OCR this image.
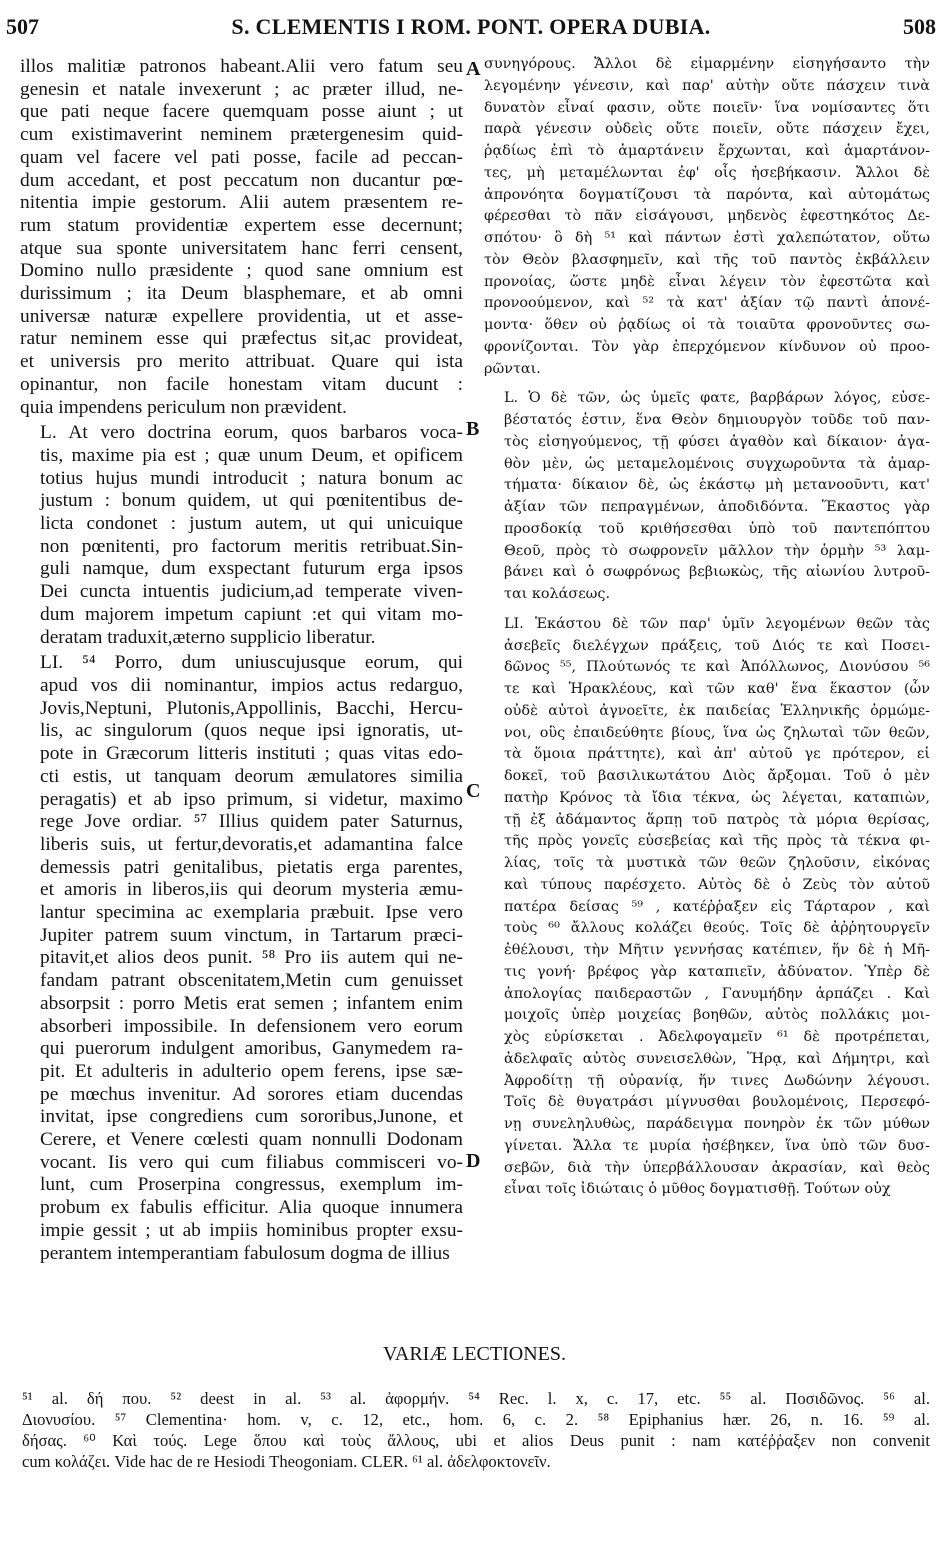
507	S. CLEMENTIS I ROM. PONT. OPERA DUBIA.	508

illos malitiæ patronos habeant.Alii vero fatum seu
genesin et natale invexerunt ; ac præter illud, ne-
que pati neque facere quemquam posse aiunt ; ut
cum existimaverint neminem prætergenesim quid-
quam vel facere vel pati posse, facile ad peccan-
dum accedant, et post peccatum non ducantur pœ-
nitentia impie gestorum. Alii autem præsentem re-
rum statum providentiæ expertem esse decernunt;
atque sua sponte universitatem hanc ferri censent,
Domino nullo præsidente ; quod sane omnium est
durissimum ; ita Deum blasphemare, et ab omni
universæ naturæ expellere providentia, ut et asse-
ratur neminem esse qui præfectus sit,ac provideat,
et universis pro merito attribuat. Quare qui ista
opinantur, non facile honestam vitam ducunt :
quia impendens periculum non prævident.

L. At vero doctrina eorum, quos barbaros voca-
tis, maxime pia est ; quæ unum Deum, et opificem
totius hujus mundi introducit ; natura bonum ac
justum : bonum quidem, ut qui pœnitentibus de-
licta condonet : justum autem, ut qui unicuique
non pœnitenti, pro factorum meritis retribuat.Sin-
guli namque, dum exspectant futurum erga ipsos
Dei cuncta intuentis judicium,ad temperate viven-
dum majorem impetum capiunt :et qui vitam mo-
deratam traduxit,æterno supplicio liberatur.

LI. ⁵⁴ Porro, dum uniuscujusque eorum, qui
apud vos dii nominantur, impios actus redarguo,
Jovis,Neptuni, Plutonis,Appollinis, Bacchi, Hercu-
lis, ac singulorum (quos neque ipsi ignoratis, ut-
pote in Græcorum litteris instituti ; quas vitas edo-
cti estis, ut tanquam deorum æmulatores similia
peragatis) et ab ipso primum, si videtur, maximo
rege Jove ordiar. ⁵⁷ Illius quidem pater Saturnus,
liberis suis, ut fertur,devoratis,et adamantina falce
demessis patri genitalibus, pietatis erga parentes,
et amoris in liberos,iis qui deorum mysteria æmu-
lantur specimina ac exemplaria præbuit. Ipse vero
Jupiter patrem suum vinctum, in Tartarum præci-
pitavit,et alios deos punit. ⁵⁸ Pro iis autem qui ne-
fandam patrant obscenitatem,Metin cum genuisset
absorpsit : porro Metis erat semen ; infantem enim
absorberi impossibile. In defensionem vero eorum
qui puerorum indulgent amoribus, Ganymedem ra-
pit. Et adulteris in adulterio opem ferens, ipse sæ-
pe mœchus invenitur. Ad sorores etiam ducendas
invitat, ipse congrediens cum sororibus,Junone, et
Cerere, et Venere cœlesti quam nonnulli Dodonam
vocant. Iis vero qui cum filiabus commisceri vo-
lunt, cum Proserpina congressus, exemplum im-
probum ex fabulis efficitur. Alia quoque innumera
impie gessit ; ut ab impiis hominibus propter exsu-
perantem intemperantiam fabulosum dogma de illius

συνηγόρους. Ἄλλοι δὲ εἱμαρμένην εἰσηγήσαντο τὴν
λεγομένην γένεσιν, καὶ παρ' αὐτὴν οὔτε πάσχειν τινὰ
δυνατὸν εἶναί φασιν, οὔτε ποιεῖν· ἵνα νομίσαντες ὅτι
παρὰ γένεσιν οὐδεὶς οὔτε ποιεῖν, οὔτε πάσχειν ἔχει,
ῥᾳδίως ἐπὶ τὸ ἁμαρτάνειν ἔρχωνται, καὶ ἁμαρτάνον-
τες, μὴ μεταμέλωνται ἐφ' οἷς ἠσεβήκασιν. Ἄλλοι δὲ
ἀπρονόητα δογματίζουσι τὰ παρόντα, καὶ αὐτομάτως
φέρεσθαι τὸ πᾶν εἰσάγουσι, μηδενὸς ἐφεστηκότος Δε-
σπότου· ὃ δὴ ⁵¹ καὶ πάντων ἐστὶ χαλεπώτατον, οὕτω
τὸν Θεὸν βλασφημεῖν, καὶ τῆς τοῦ παντὸς ἐκβάλλειν
προνοίας, ὥστε μηδὲ εἶναι λέγειν τὸν ἐφεστῶτα καὶ
προνοούμενον, καὶ ⁵² τὰ κατ' ἀξίαν τῷ παντὶ ἀπονέ-
μοντα· ὅθεν οὐ ῥᾳδίως οἱ τὰ τοιαῦτα φρονοῦντες σω-
φρονίζονται. Τὸν γὰρ ἐπερχόμενον κίνδυνον οὐ προο-
ρῶνται.

L. Ὁ δὲ τῶν, ὡς ὑμεῖς φατε, βαρβάρων λόγος, εὐσε-
βέστατός ἐστιν, ἕνα Θεὸν δημιουργὸν τοῦδε τοῦ παν-
τὸς εἰσηγούμενος, τῇ φύσει ἀγαθὸν καὶ δίκαιον· ἀγα-
θὸν μὲν, ὡς μεταμελομένοις συγχωροῦντα τὰ ἁμαρ-
τήματα· δίκαιον δὲ, ὡς ἑκάστῳ μὴ μετανοοῦντι, κατ'
ἀξίαν τῶν πεπραγμένων, ἀποδιδόντα. Ἕκαστος γὰρ
προσδοκίᾳ τοῦ κριθήσεσθαι ὑπὸ τοῦ παντεπόπτου
Θεοῦ, πρὸς τὸ σωφρονεῖν μᾶλλον τὴν ὁρμὴν ⁵³ λαμ-
βάνει καὶ ὁ σωφρόνως βεβιωκὼς, τῆς αἰωνίου λυτροῦ-
ται κολάσεως.

LI. Ἑκάστου δὲ τῶν παρ' ὑμῖν λεγομένων θεῶν τὰς
ἀσεβεῖς διελέγχων πράξεις, τοῦ Διός τε καὶ Ποσει-
δῶνος ⁵⁵, Πλούτωνός τε καὶ Ἀπόλλωνος, Διονύσου ⁵⁶
τε καὶ Ἡρακλέους, καὶ τῶν καθ' ἕνα ἕκαστον (ὧν
οὐδὲ αὐτοὶ ἀγνοεῖτε, ἐκ παιδείας Ἑλληνικῆς ὁρμώμε-
νοι, οὓς ἐπαιδεύθητε βίους, ἵνα ὡς ζηλωταὶ τῶν θεῶν,
τὰ ὅμοια πράττητε), καὶ ἀπ' αὐτοῦ γε πρότερον, εἰ
δοκεῖ, τοῦ βασιλικωτάτου Διὸς ἄρξομαι. Τοῦ ὁ μὲν
πατὴρ Κρόνος τὰ ἴδια τέκνα, ὡς λέγεται, καταπιὼν,
τῇ ἐξ ἀδάμαντος ἅρπῃ τοῦ πατρὸς τὰ μόρια θερίσας,
τῆς πρὸς γονεῖς εὐσεβείας καὶ τῆς πρὸς τὰ τέκνα φι-
λίας, τοῖς τὰ μυστικὰ τῶν θεῶν ζηλοῦσιν, εἰκόνας
καὶ τύπους παρέσχετο. Αὐτὸς δὲ ὁ Ζεὺς τὸν αὑτοῦ
πατέρα δείσας ⁵⁹ , κατέῤῥαξεν εἰς Τάρταρον , καὶ
τοὺς ⁶⁰ ἄλλους κολάζει θεούς. Τοῖς δὲ ἀῤῥητουργεῖν
ἐθέλουσι, τὴν Μῆτιν γεννήσας κατέπιεν, ἥν δὲ ἡ Μῆ-
τις γονή· βρέφος γὰρ καταπιεῖν, ἀδύνατον. Ὑπὲρ δὲ
ἀπολογίας παιδεραστῶν , Γανυμήδην ἁρπάζει . Καὶ
μοιχοῖς ὑπὲρ μοιχείας βοηθῶν, αὐτὸς πολλάκις μοι-
χὸς εὑρίσκεται . Ἀδελφογαμεῖν ⁶¹ δὲ προτρέπεται,
ἀδελφαῖς αὐτὸς συνεισελθὼν, Ἥρᾳ, καὶ Δήμητρι, καὶ
Ἀφροδίτῃ τῇ οὐρανίᾳ, ἥν τινες Δωδώνην λέγουσι.
Τοῖς δὲ θυγατράσι μίγνυσθαι βουλομένοις, Περσεφό-
νῃ συνεληλυθὼς, παράδειγμα πονηρὸν ἐκ τῶν μύθων
γίνεται. Ἄλλα τε μυρία ἠσέβηκεν, ἵνα ὑπὸ τῶν δυσ-
σεβῶν, διὰ τὴν ὑπερβάλλουσαν ἀκρασίαν, καὶ θεὸς
εἶναι τοῖς ἰδιώταις ὁ μῦθος δογματισθῇ. Τούτων οὐχ

A
B
C
D
VARIÆ LECTIONES.
⁵¹ al. δή που. ⁵² deest in al. ⁵³ al. ἀφορμήν. ⁵⁴ Rec. l. x, c. 17, etc. ⁵⁵ al. Ποσιδῶνος. ⁵⁶ al.
Διονυσίου. ⁵⁷ Clementina· hom. v, c. 12, etc., hom. 6, c. 2. ⁵⁸ Epiphanius hær. 26, n. 16. ⁵⁹ al.
δήσας. ⁶⁰ Καὶ τούς. Lege ὅπου καὶ τοὺς ἄλλους, ubi et alios Deus punit : nam κατέῤῥαξεν non convenit
cum κολάζει. Vide hac de re Hesiodi Theogoniam. CLER. ⁶¹ al. ἀδελφοκτονεῖν.
